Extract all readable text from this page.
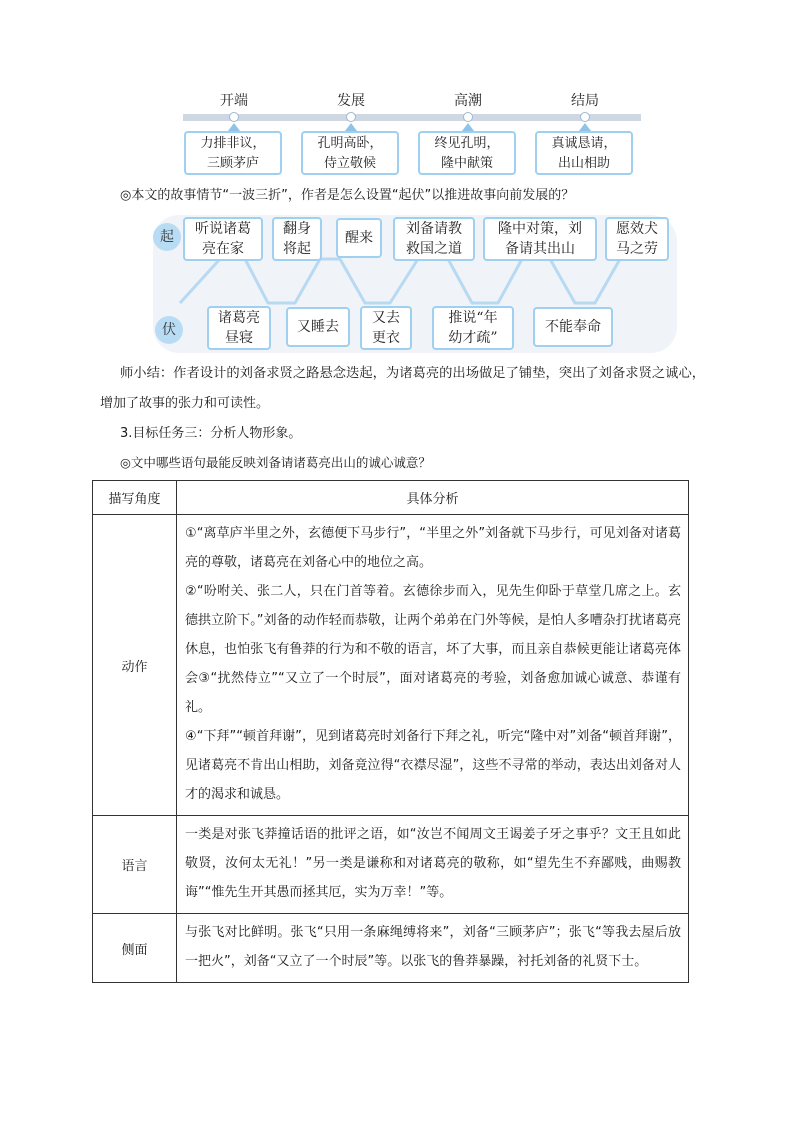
开端	发展	高潮	结局
力排非议，
三顾茅庐
孔明高卧，
侍立敬候
终见孔明，
隆中献策
真诚恳请，
出山相助
◎本文的故事情节“一波三折”，作者是怎么设置“起伏”以推进故事向前发展的？
起
伏
听说诸葛
亮在家
翻身
将起
醒来
刘备请教
救国之道
隆中对策，刘
备请其出山
愿效犬
马之劳
诸葛亮
昼寝
又睡去
又去
更衣
推说“年
幼才疏”
不能奉命
师小结：作者设计的刘备求贤之路悬念迭起，为诸葛亮的出场做足了铺垫，突出了刘备求贤之诚心，
增加了故事的张力和可读性。
3.目标任务三：分析人物形象。
◎文中哪些语句最能反映刘备请诸葛亮出山的诚心诚意？
描写角度	具体分析
动作	①“离草庐半里之外，玄德便下马步行”，“半里之外”刘备就下马步行，可见刘备对诸葛亮的尊敬，诸葛亮在刘备心中的地位之高。

②“吩咐关、张二人，只在门首等着。玄德徐步而入，见先生仰卧于草堂几席之上。玄德拱立阶下。”刘备的动作轻而恭敬，让两个弟弟在门外等候，是怕人多嘈杂打扰诸葛亮休息，也怕张飞有鲁莽的行为和不敬的语言，坏了大事，而且亲自恭候更能让诸葛亮体会③“扰然侍立”“又立了一个时辰”，面对诸葛亮的考验，刘备愈加诚心诚意、恭谨有礼。

④“下拜”“顿首拜谢”，见到诸葛亮时刘备行下拜之礼，听完“隆中对”刘备“顿首拜谢”，见诸葛亮不肯出山相助，刘备竟泣得“衣襟尽湿”，这些不寻常的举动，表达出刘备对人才的渴求和诚恳。

语言	一类是对张飞莽撞话语的批评之语，如“汝岂不闻周文王谒姜子牙之事乎？文王且如此敬贤，汝何太无礼！”另一类是谦称和对诸葛亮的敬称，如“望先生不弃鄙贱，曲赐教诲”“惟先生开其愚而拯其厄，实为万幸！”等。

侧面	与张飞对比鲜明。张飞“只用一条麻绳缚将来”，刘备“三顾茅庐”；张飞“等我去屋后放一把火”，刘备“又立了一个时辰”等。以张飞的鲁莽暴躁，衬托刘备的礼贤下士。
